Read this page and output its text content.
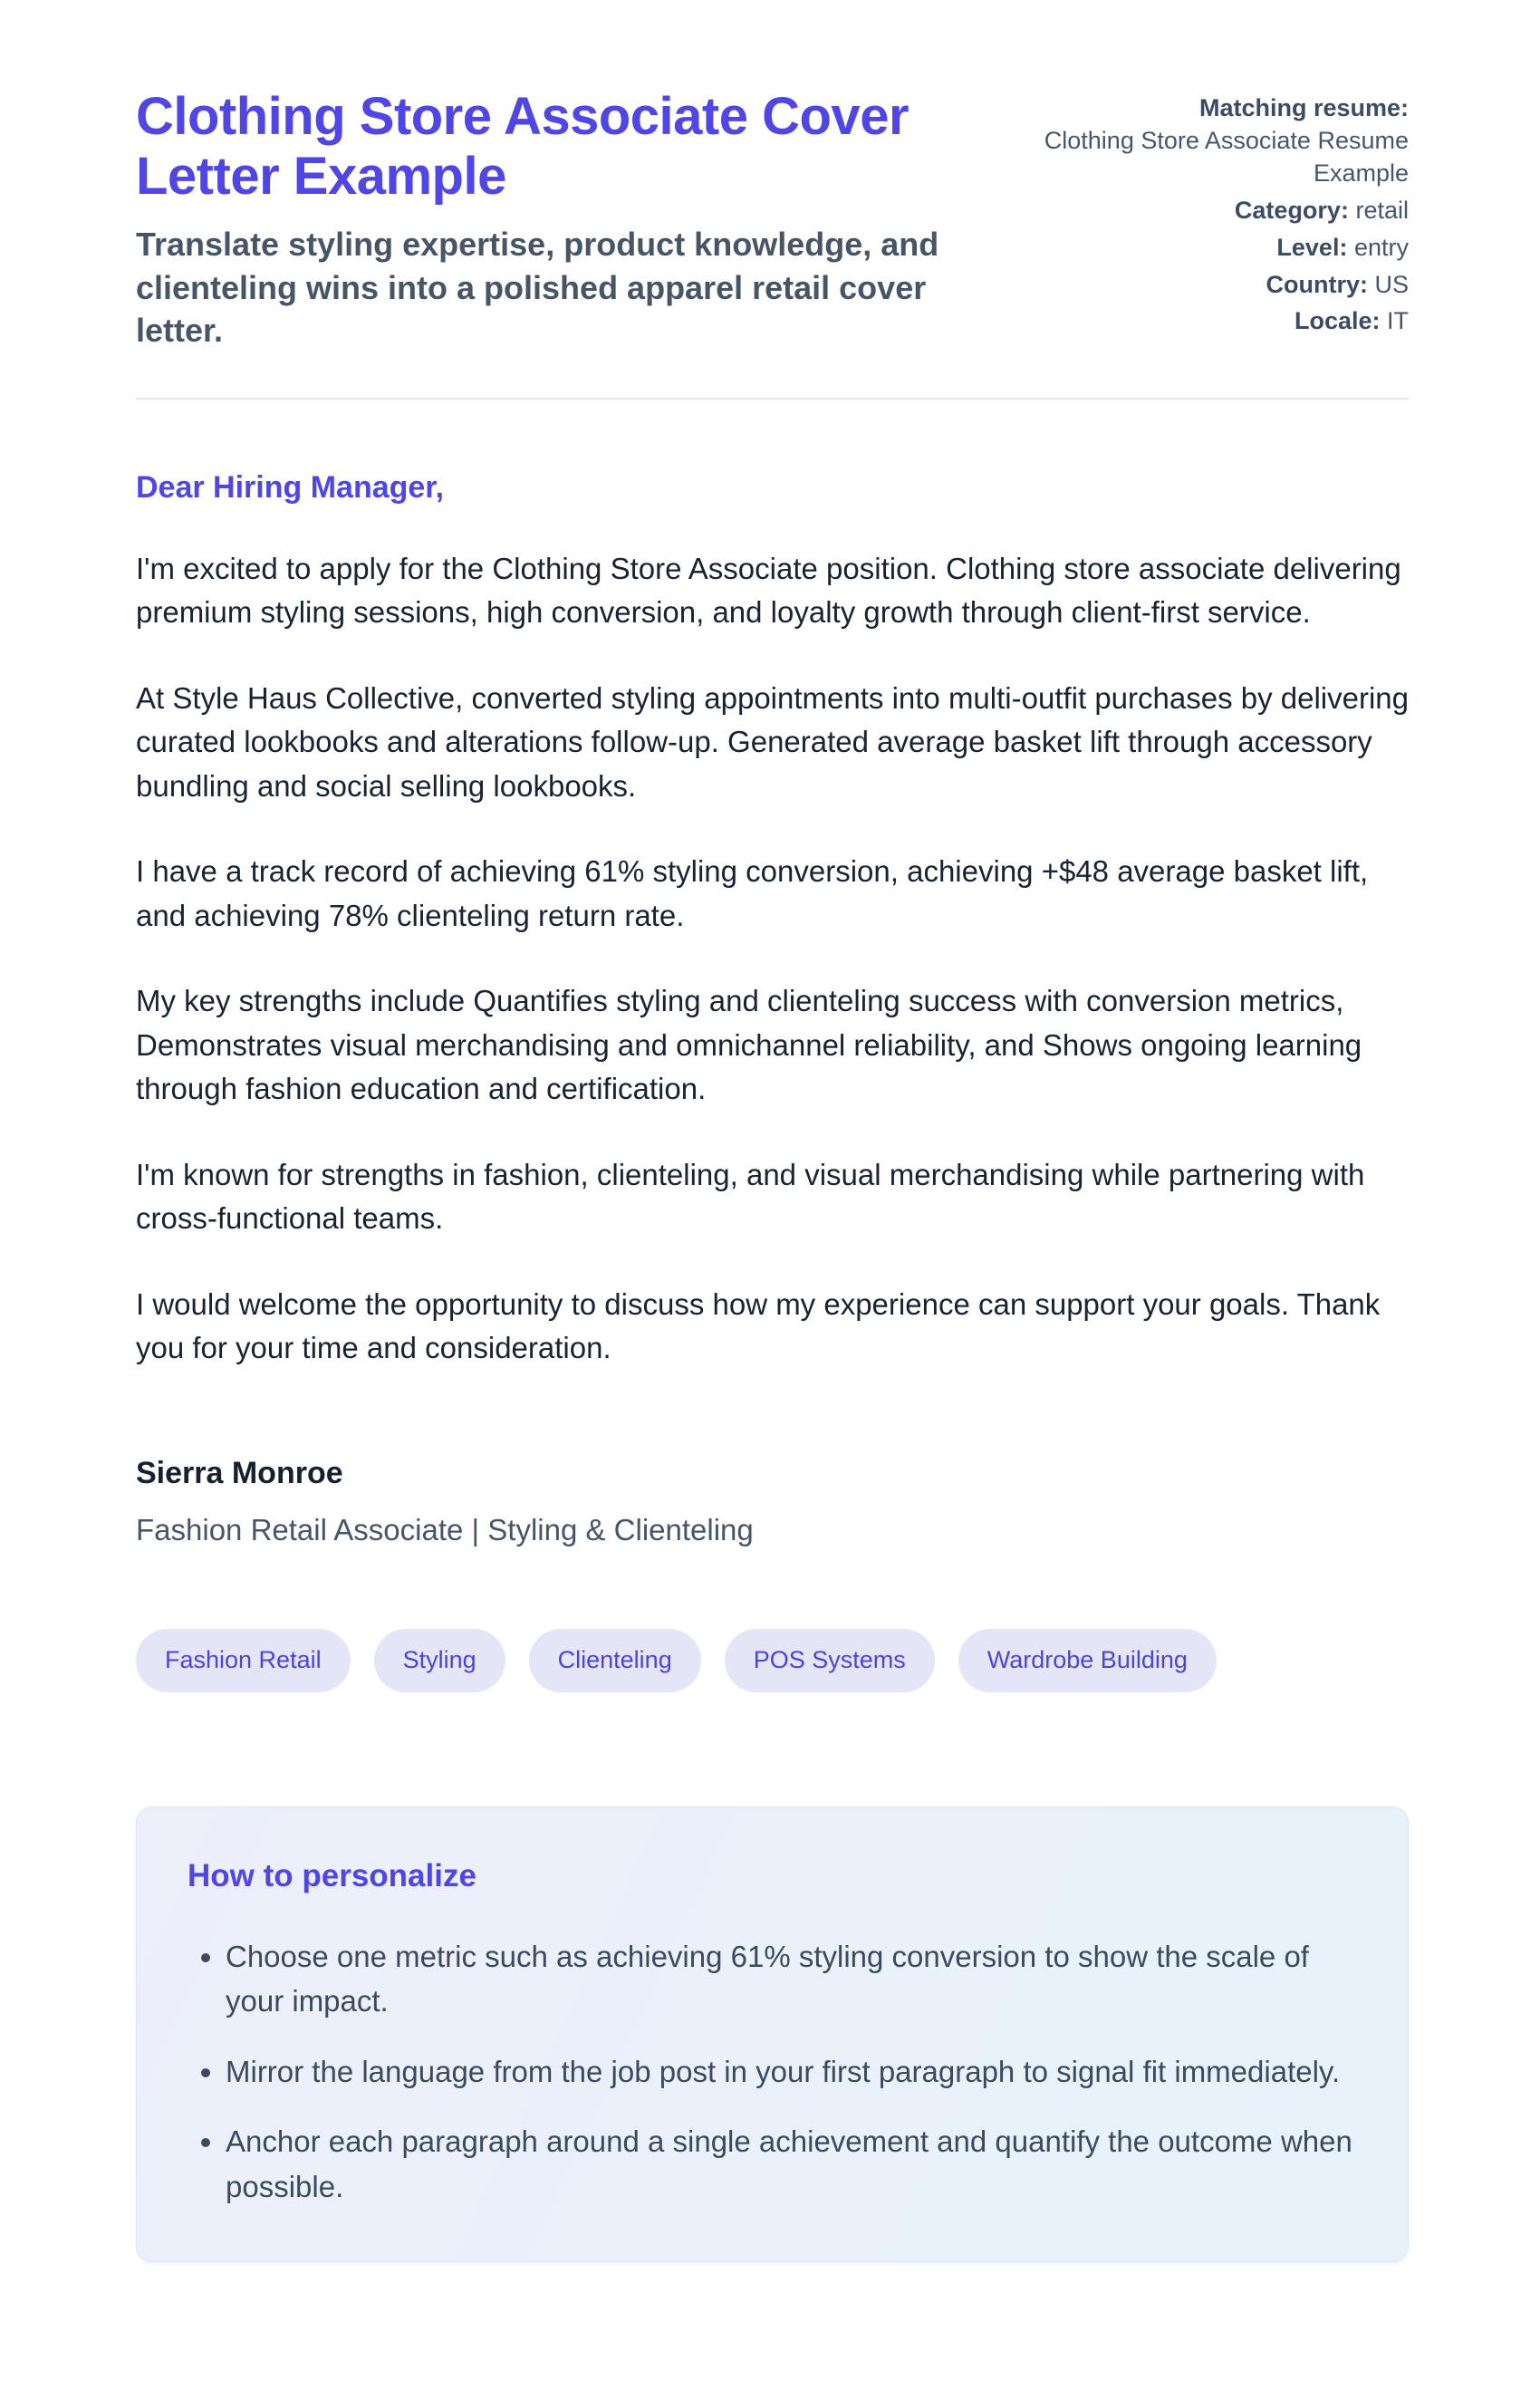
Clothing Store Associate Cover Letter Example

Translate styling expertise, product knowledge, and clienteling wins into a polished apparel retail cover letter.

Matching resume:
Clothing Store Associate Resume Example
Category: retail
Level: entry
Country: US
Locale: IT

Dear Hiring Manager,

I'm excited to apply for the Clothing Store Associate position. Clothing store associate delivering premium styling sessions, high conversion, and loyalty growth through client-first service.

At Style Haus Collective, converted styling appointments into multi-outfit purchases by delivering curated lookbooks and alterations follow-up. Generated average basket lift through accessory bundling and social selling lookbooks.

I have a track record of achieving 61% styling conversion, achieving +$48 average basket lift, and achieving 78% clienteling return rate.

My key strengths include Quantifies styling and clienteling success with conversion metrics, Demonstrates visual merchandising and omnichannel reliability, and Shows ongoing learning through fashion education and certification.

I'm known for strengths in fashion, clienteling, and visual merchandising while partnering with cross-functional teams.

I would welcome the opportunity to discuss how my experience can support your goals. Thank you for your time and consideration.

Sierra Monroe

Fashion Retail Associate | Styling & Clienteling

Fashion Retail	Styling	Clienteling	POS Systems	Wardrobe Building
How to personalize
• Choose one metric such as achieving 61% styling conversion to show the scale of your impact.
• Mirror the language from the job post in your first paragraph to signal fit immediately.
• Anchor each paragraph around a single achievement and quantify the outcome when possible.
